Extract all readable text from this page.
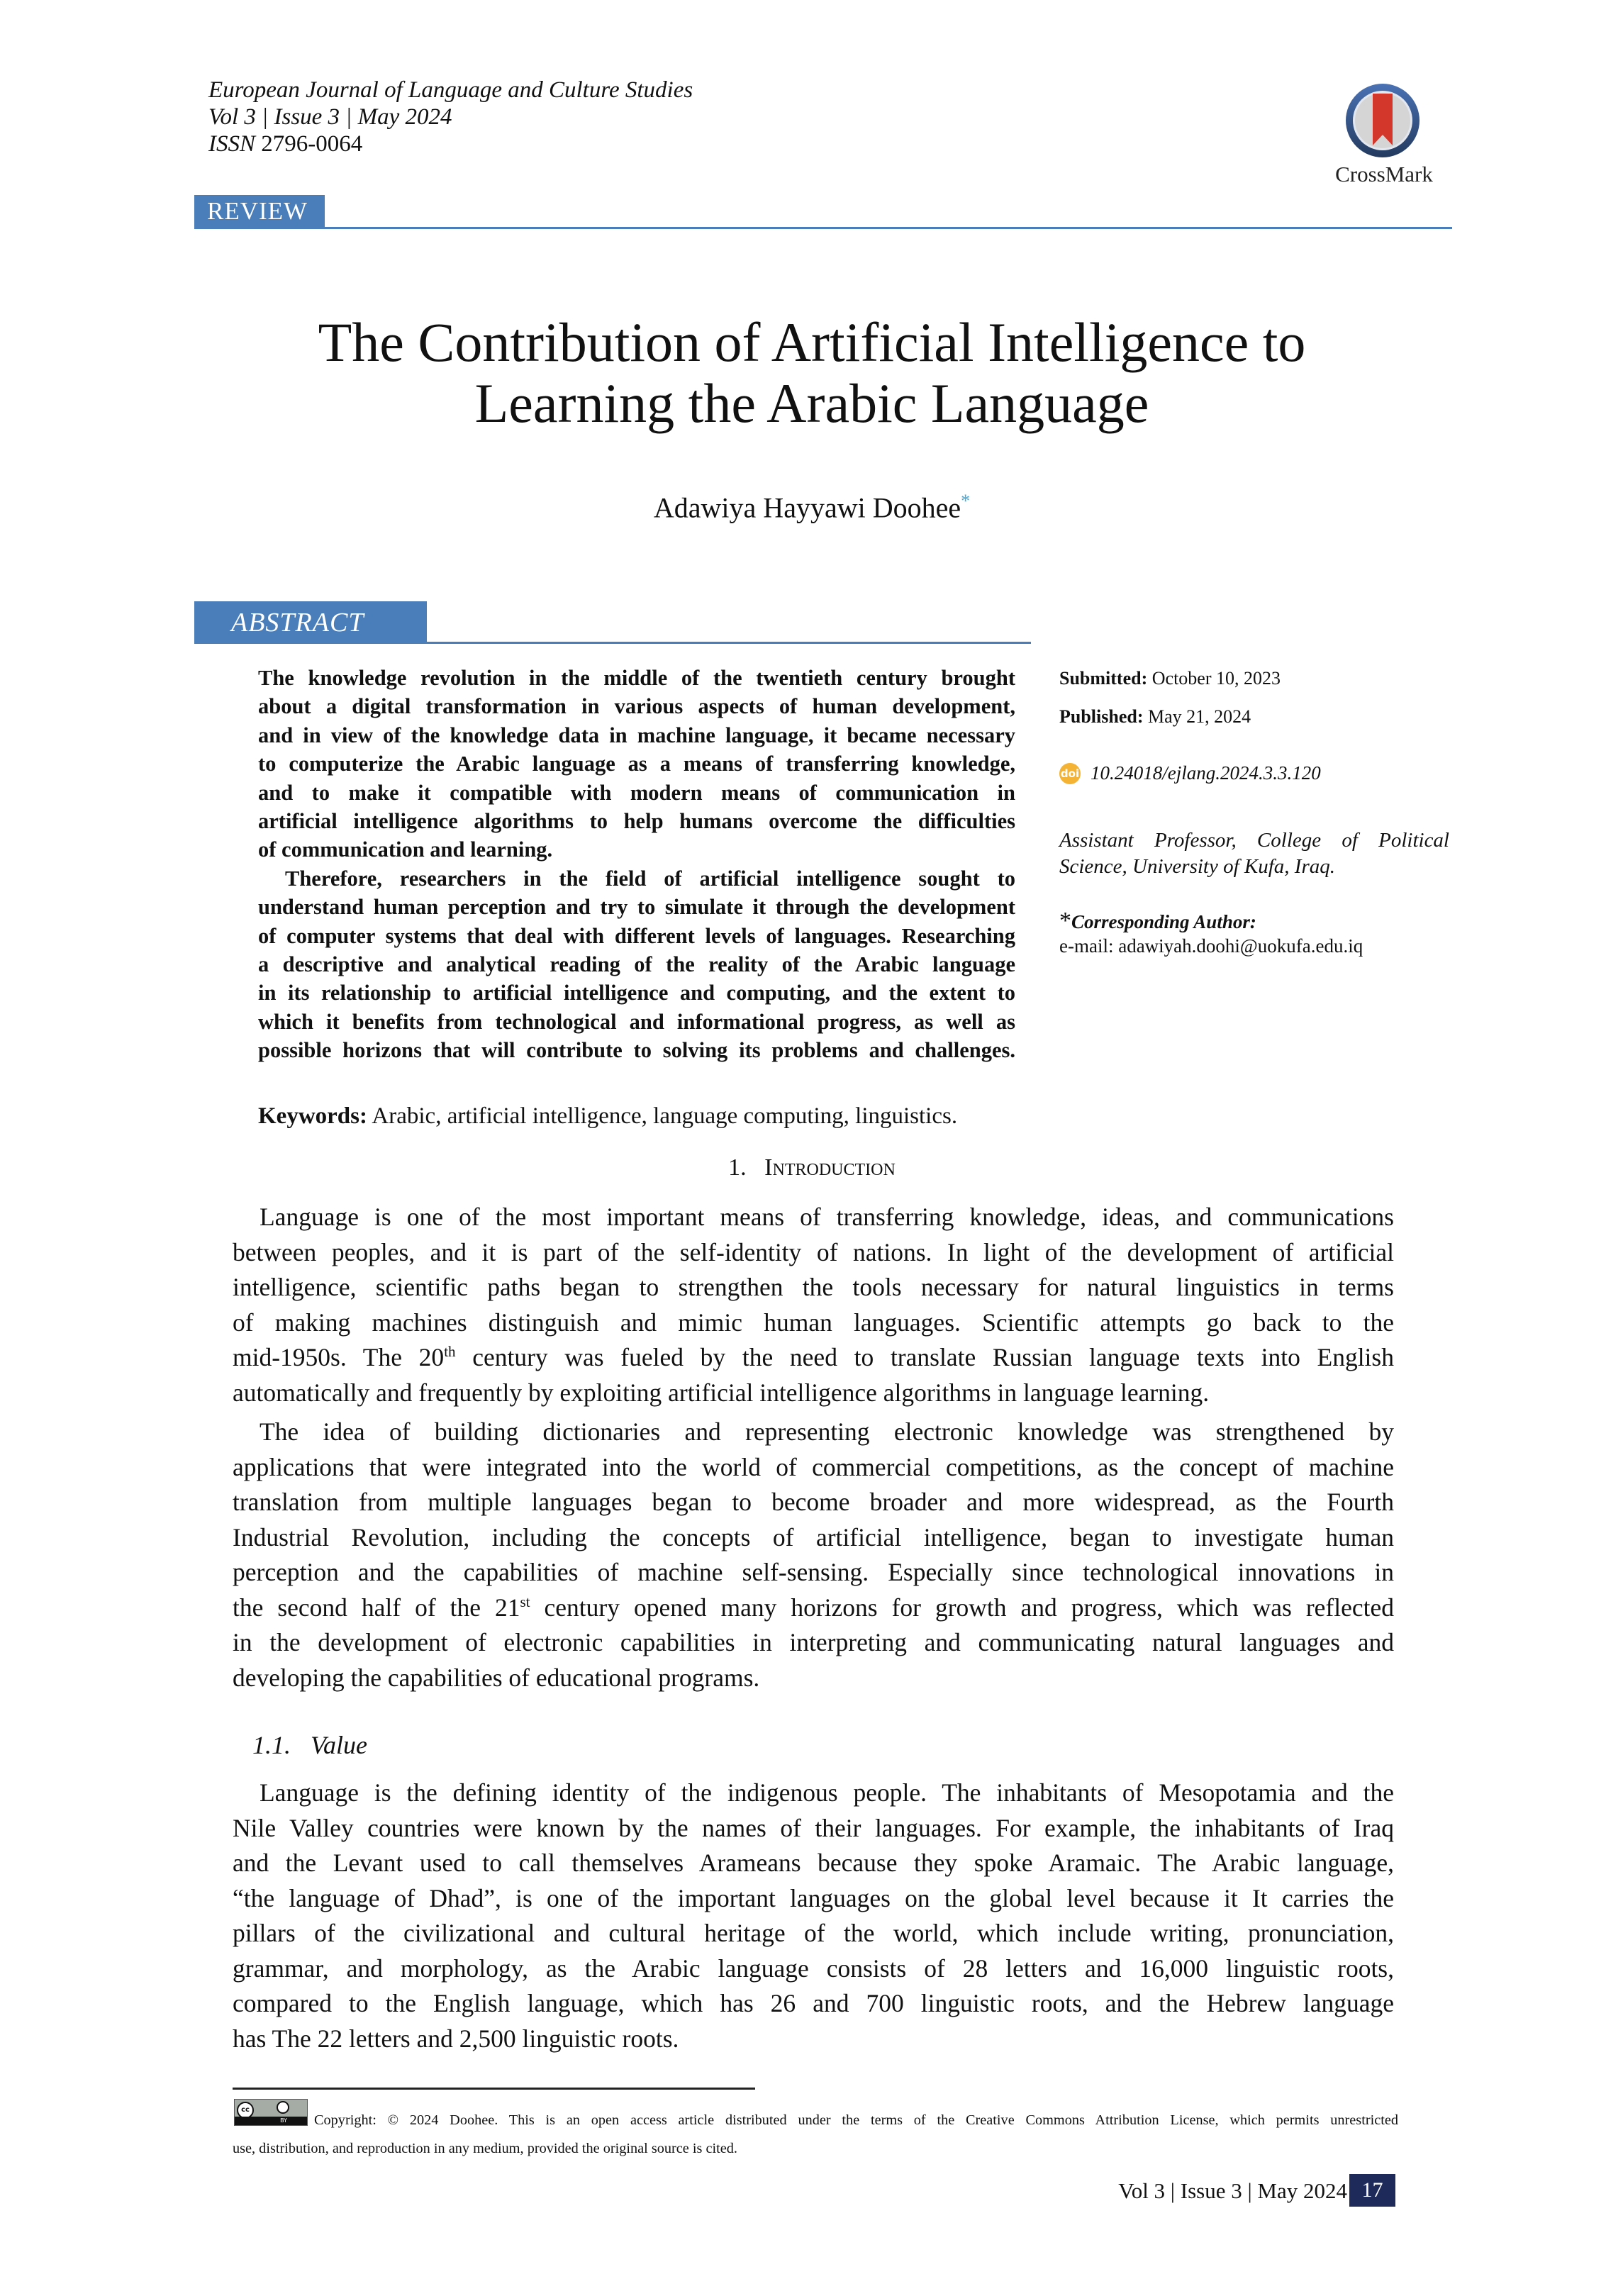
European Journal of Language and Culture Studies
Vol 3 | Issue 3 | May 2024
ISSN 2796-0064
CrossMark
REVIEW
The Contribution of Artificial Intelligence to
Learning the Arabic Language
Adawiya Hayyawi Doohee*
ABSTRACT
The knowledge revolution in the middle of the twentieth century brought
about a digital transformation in various aspects of human development,
and in view of the knowledge data in machine language, it became necessary
to computerize the Arabic language as a means of transferring knowledge,
and to make it compatible with modern means of communication in
artificial intelligence algorithms to help humans overcome the difficulties
of communication and learning.
Therefore, researchers in the field of artificial intelligence sought to
understand human perception and try to simulate it through the development
of computer systems that deal with different levels of languages. Researching
a descriptive and analytical reading of the reality of the Arabic language
in its relationship to artificial intelligence and computing, and the extent to
which it benefits from technological and informational progress, as well as
possible horizons that will contribute to solving its problems and challenges.
Keywords: Arabic, artificial intelligence, language computing, linguistics.
Submitted: October 10, 2023
Published: May 21, 2024
doi 10.24018/ejlang.2024.3.3.120
Assistant Professor, College of Political
Science, University of Kufa, Iraq.
*Corresponding Author:
e-mail: adawiyah.doohi@uokufa.edu.iq
1. Introduction
Language is one of the most important means of transferring knowledge, ideas, and communications
between peoples, and it is part of the self-identity of nations. In light of the development of artificial
intelligence, scientific paths began to strengthen the tools necessary for natural linguistics in terms
of making machines distinguish and mimic human languages. Scientific attempts go back to the
mid-1950s. The 20th century was fueled by the need to translate Russian language texts into English
automatically and frequently by exploiting artificial intelligence algorithms in language learning.
The idea of building dictionaries and representing electronic knowledge was strengthened by
applications that were integrated into the world of commercial competitions, as the concept of machine
translation from multiple languages began to become broader and more widespread, as the Fourth
Industrial Revolution, including the concepts of artificial intelligence, began to investigate human
perception and the capabilities of machine self-sensing. Especially since technological innovations in
the second half of the 21st century opened many horizons for growth and progress, which was reflected
in the development of electronic capabilities in interpreting and communicating natural languages and
developing the capabilities of educational programs.
1.1. Value
Language is the defining identity of the indigenous people. The inhabitants of Mesopotamia and the
Nile Valley countries were known by the names of their languages. For example, the inhabitants of Iraq
and the Levant used to call themselves Arameans because they spoke Aramaic. The Arabic language,
“the language of Dhad”, is one of the important languages on the global level because it It carries the
pillars of the civilizational and cultural heritage of the world, which include writing, pronunciation,
grammar, and morphology, as the Arabic language consists of 28 letters and 16,000 linguistic roots,
compared to the English language, which has 26 and 700 linguistic roots, and the Hebrew language
has The 22 letters and 2,500 linguistic roots.
cc
BY	Copyright: © 2024 Doohee. This is an open access article distributed under the terms of the Creative Commons Attribution License, which permits unrestricted
use, distribution, and reproduction in any medium, provided the original source is cited.
Vol 3 | Issue 3 | May 2024 17
